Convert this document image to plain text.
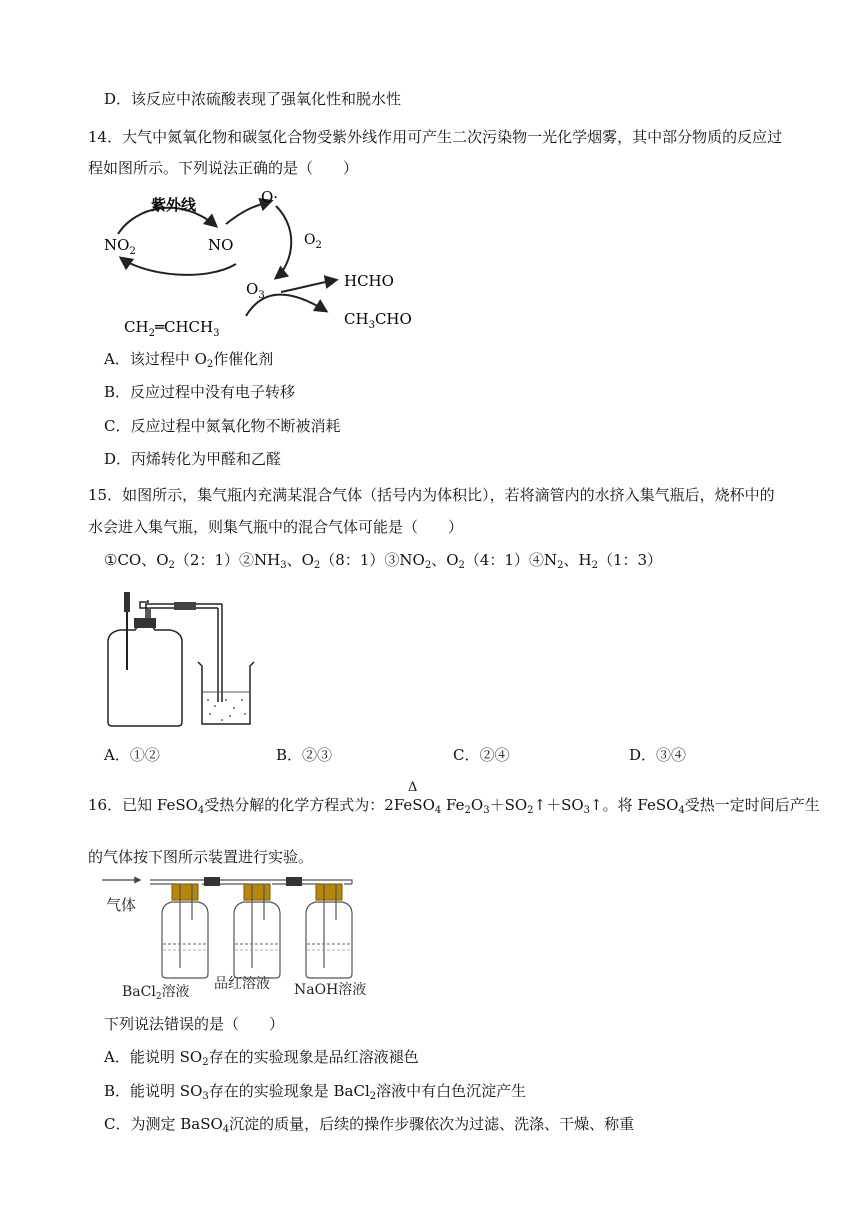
D．该反应中浓硫酸表现了强氧化性和脱水性
14．大气中氮氧化物和碳氢化合物受紫外线作用可产生二次污染物一光化学烟雾，其中部分物质的反应过
程如图所示。下列说法正确的是（　　）
紫外线
$NO_2$	NO
O·
$O_2$
$O_3$
HCHO
$CH_3CHO$
$CH_2═CHCH_3$
A．该过程中 $O_2$作催化剂
B．反应过程中没有电子转移
C．反应过程中氮氧化物不断被消耗
D．丙烯转化为甲醛和乙醛
15．如图所示，集气瓶内充满某混合气体（括号内为体积比），若将滴管内的水挤入集气瓶后，烧杯中的
水会进入集气瓶，则集气瓶中的混合气体可能是（　　）
①CO、$O_2(2$：$1)②NH_3$、$O_2(8$：$1)③NO_2$、$O_2(4$：$1)④N_2$、$H_2(1$：3）
A．①②	B．②③	C．②④	D．③④
Δ
16．已知 FeSO$_4$受热分解的化学方程式为：2FeSO$_4$ $Fe_2O_3+SO_2↑+SO_3↑$。将 FeSO$_4$受热一定时间后产生
的气体按下图所示装置进行实验。
气体
BaCl$_2$溶液 品红溶液 NaOH溶液
下列说法错误的是（　　）
A．能说明 $SO_2$存在的实验现象是品红溶液褪色
B．能说明 $SO_3$存在的实验现象是 BaCl$_2$溶液中有白色沉淀产生
C．为测定 BaSO$_4$沉淀的质量，后续的操作步骤依次为过滤、洗涤、干燥、称重
